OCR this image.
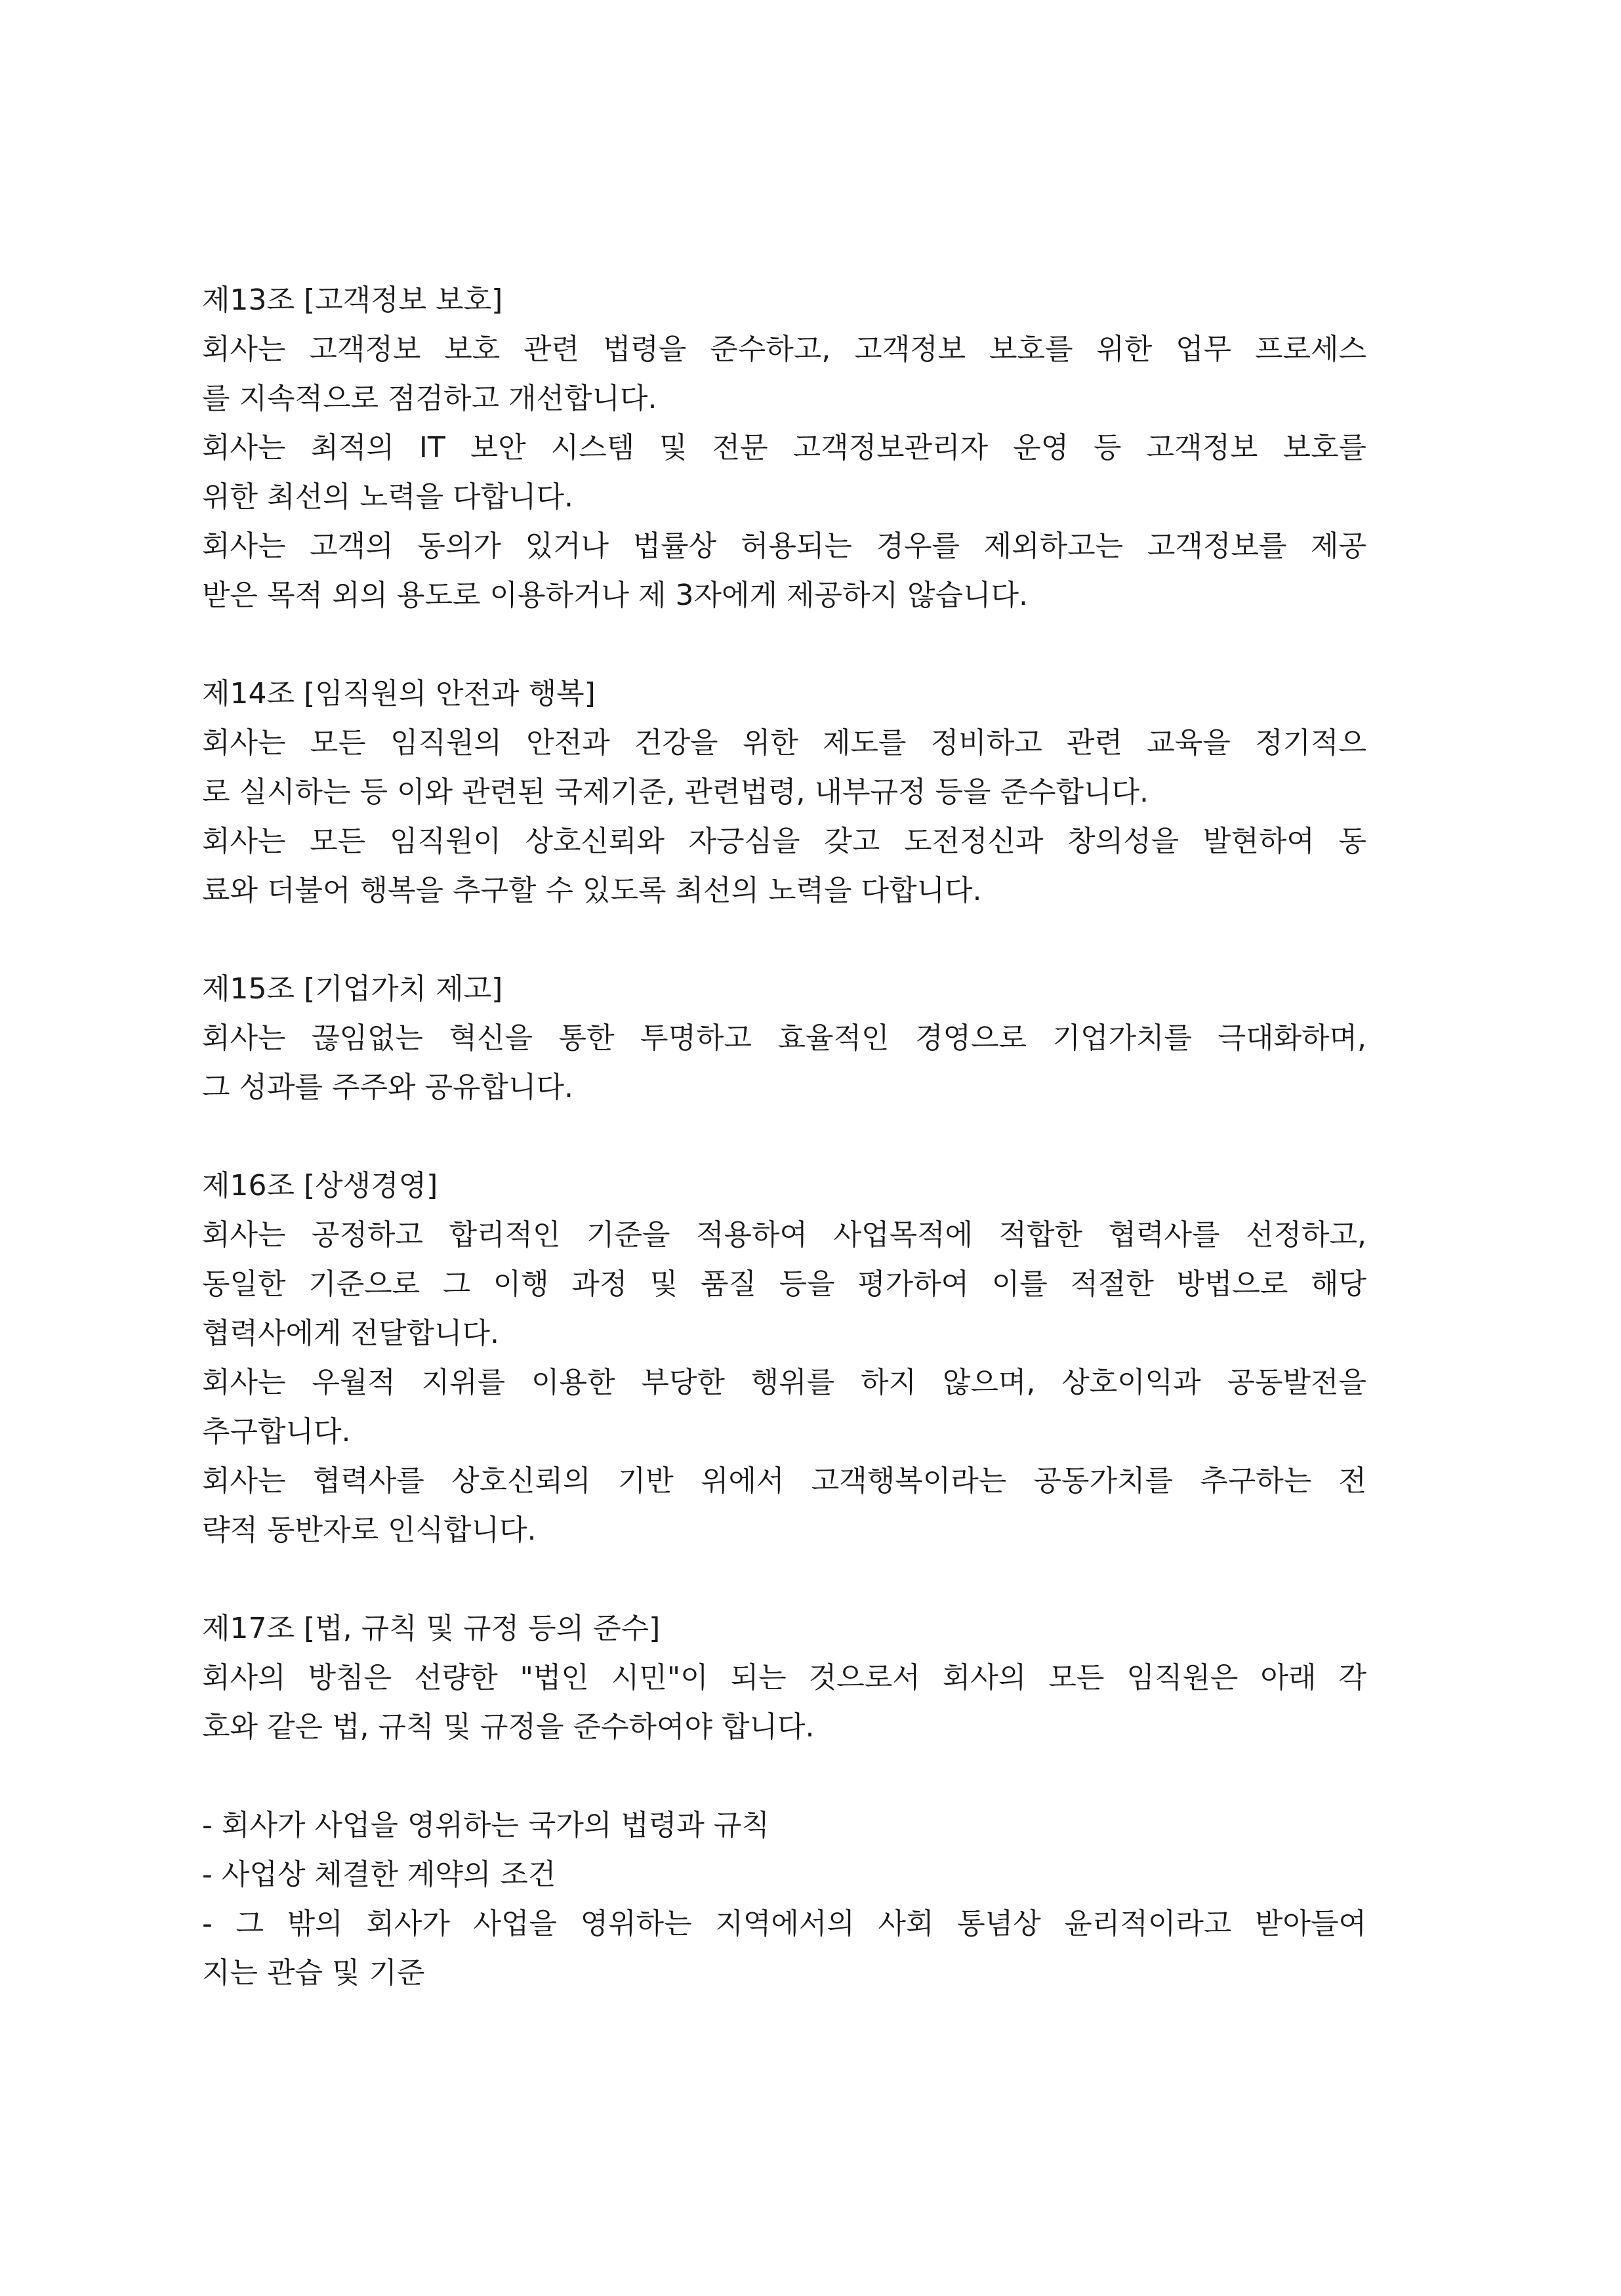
제13조 [고객정보 보호]
회사는 고객정보 보호 관련 법령을 준수하고, 고객정보 보호를 위한 업무 프로세스
를 지속적으로 점검하고 개선합니다.
회사는 최적의 IT 보안 시스템 및 전문 고객정보관리자 운영 등 고객정보 보호를
위한 최선의 노력을 다합니다.
회사는 고객의 동의가 있거나 법률상 허용되는 경우를 제외하고는 고객정보를 제공
받은 목적 외의 용도로 이용하거나 제 3자에게 제공하지 않습니다.
제14조 [임직원의 안전과 행복]
회사는 모든 임직원의 안전과 건강을 위한 제도를 정비하고 관련 교육을 정기적으
로 실시하는 등 이와 관련된 국제기준, 관련법령, 내부규정 등을 준수합니다.
회사는 모든 임직원이 상호신뢰와 자긍심을 갖고 도전정신과 창의성을 발현하여 동
료와 더불어 행복을 추구할 수 있도록 최선의 노력을 다합니다.
제15조 [기업가치 제고]
회사는 끊임없는 혁신을 통한 투명하고 효율적인 경영으로 기업가치를 극대화하며,
그 성과를 주주와 공유합니다.
제16조 [상생경영]
회사는 공정하고 합리적인 기준을 적용하여 사업목적에 적합한 협력사를 선정하고,
동일한 기준으로 그 이행 과정 및 품질 등을 평가하여 이를 적절한 방법으로 해당
협력사에게 전달합니다.
회사는 우월적 지위를 이용한 부당한 행위를 하지 않으며, 상호이익과 공동발전을
추구합니다.
회사는 협력사를 상호신뢰의 기반 위에서 고객행복이라는 공동가치를 추구하는 전
략적 동반자로 인식합니다.
제17조 [법, 규칙 및 규정 등의 준수]
회사의 방침은 선량한 "법인 시민"이 되는 것으로서 회사의 모든 임직원은 아래 각
호와 같은 법, 규칙 및 규정을 준수하여야 합니다.
- 회사가 사업을 영위하는 국가의 법령과 규칙
- 사업상 체결한 계약의 조건
- 그 밖의 회사가 사업을 영위하는 지역에서의 사회 통념상 윤리적이라고 받아들여
지는 관습 및 기준
